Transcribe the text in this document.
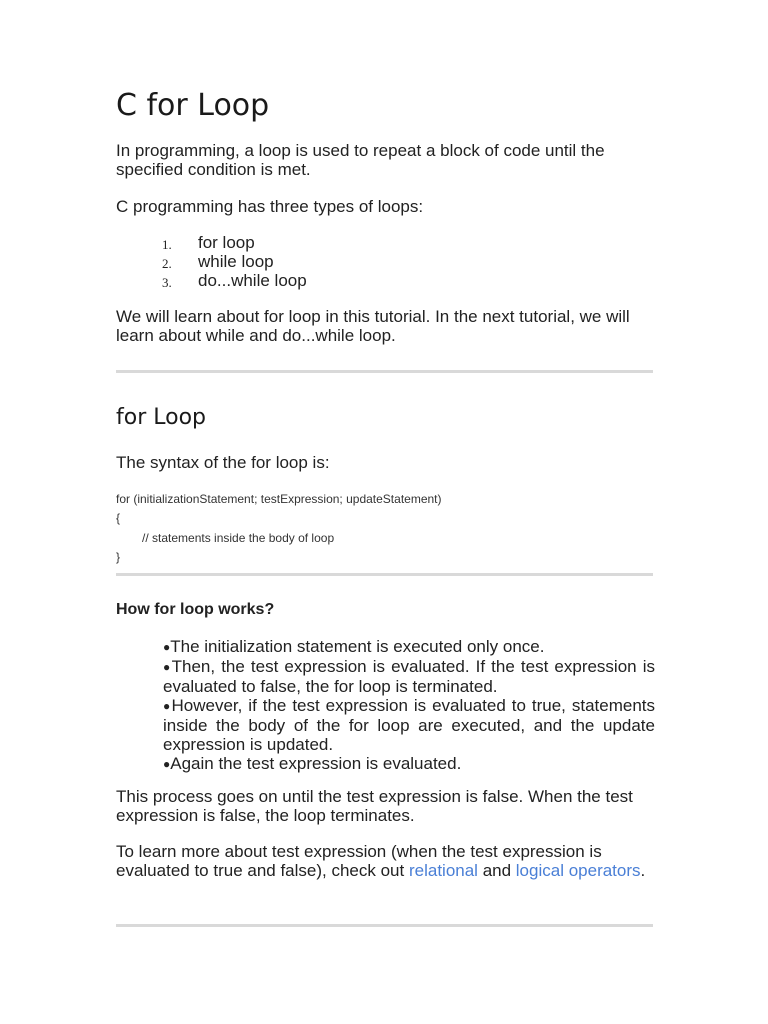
C for Loop

In programming, a loop is used to repeat a block of code until the specified condition is met.

C programming has three types of loops:

1. for loop
2. while loop
3. do...while loop

We will learn about for loop in this tutorial. In the next tutorial, we will learn about while and do...while loop.

for Loop

The syntax of the for loop is:

for (initializationStatement; testExpression; updateStatement)
{
// statements inside the body of loop
}
How for loop works?
●The initialization statement is executed only once.
●Then, the test expression is evaluated. If the test expression is evaluated to false, the for loop is terminated.
●However, if the test expression is evaluated to true, statements inside the body of the for loop are executed, and the update expression is updated.
●Again the test expression is evaluated.

This process goes on until the test expression is false. When the test expression is false, the loop terminates.

To learn more about test expression (when the test expression is evaluated to true and false), check out relational and logical operators.
